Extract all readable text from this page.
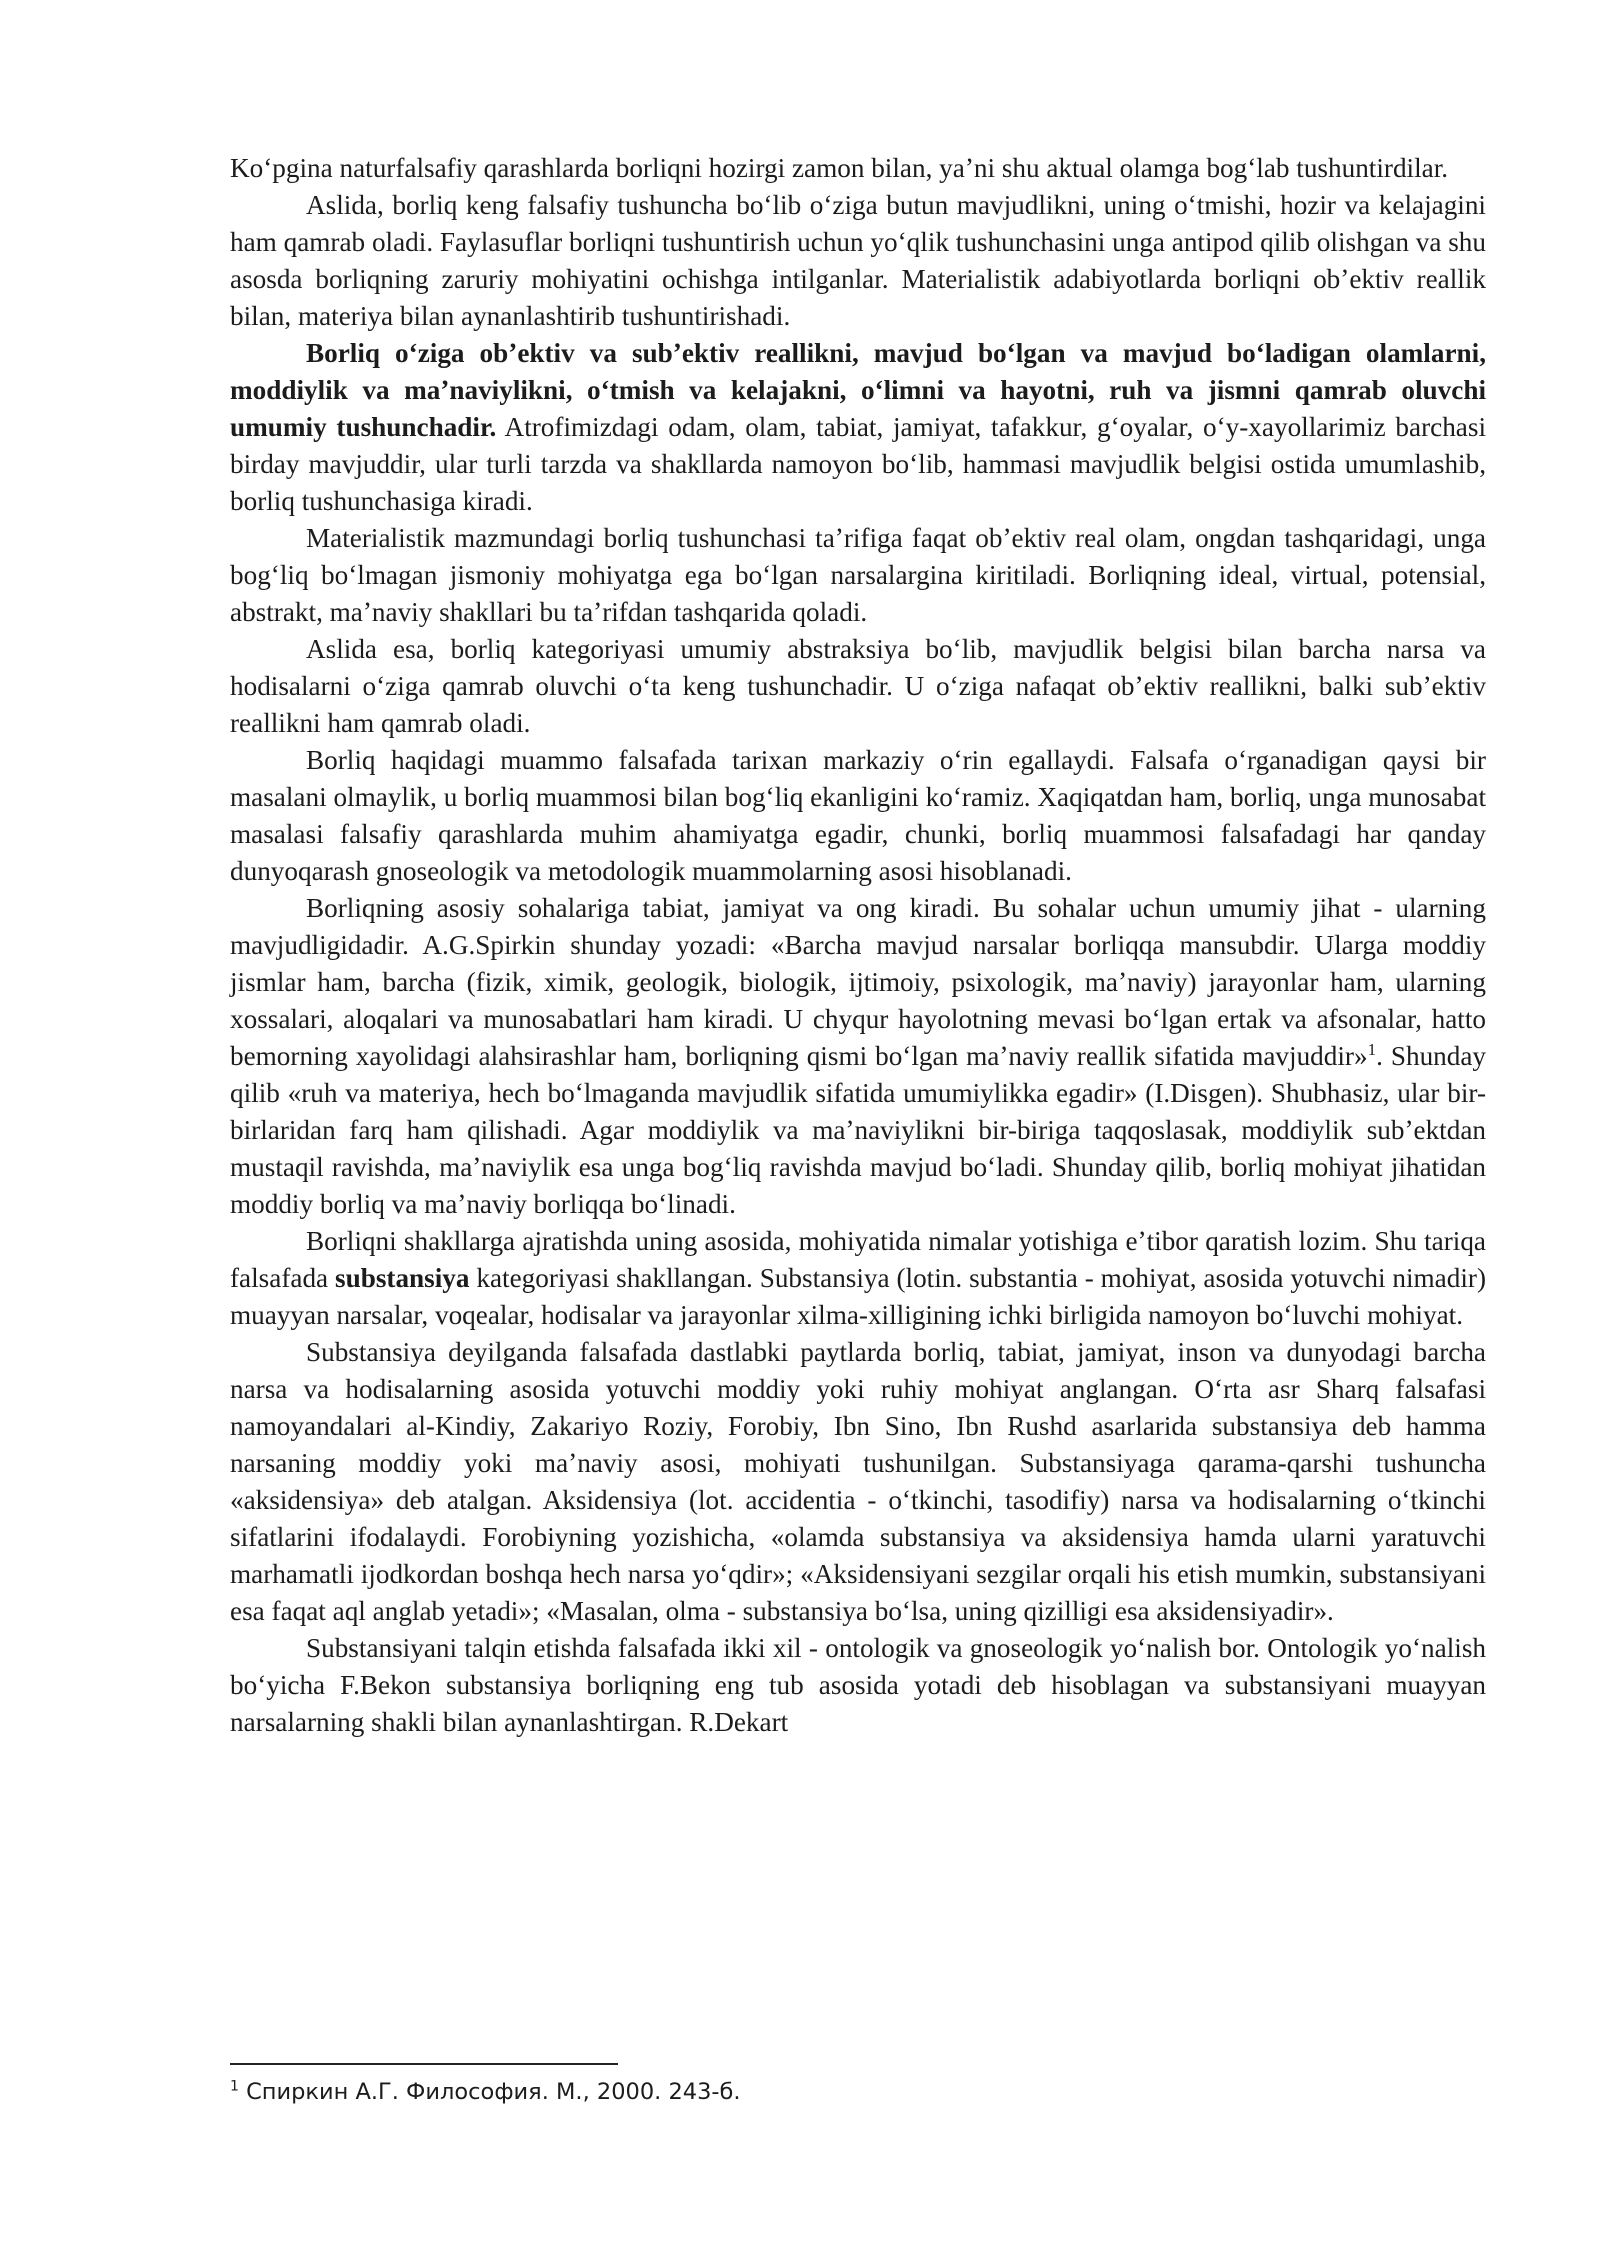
Koʻpgina naturfalsafiy qarashlarda borliqni hozirgi zamon bilan, yaʼni shu aktual olamga bogʻlab tushuntirdilar.

Aslida, borliq keng falsafiy tushuncha boʻlib oʻziga butun mavjudlikni, uning oʻtmishi, hozir va kelajagini ham qamrab oladi. Faylasuflar borliqni tushuntirish uchun yoʻqlik tushunchasini unga antipod qilib olishgan va shu asosda borliqning zaruriy mohiyatini ochishga intilganlar. Materialistik adabiyotlarda borliqni obʼektiv reallik bilan, materiya bilan aynanlashtirib tushuntirishadi.

Borliq oʻziga obʼektiv va subʼektiv reallikni, mavjud boʻlgan va mavjud boʻladigan olamlarni, moddiylik va maʼnaviylikni, oʻtmish va kelajakni, oʻlimni va hayotni, ruh va jismni qamrab oluvchi umumiy tushunchadir. Atrofimizdagi odam, olam, tabiat, jamiyat, tafakkur, gʻoyalar, oʻy-xayollarimiz barchasi birday mavjuddir, ular turli tarzda va shakllarda namoyon boʻlib, hammasi mavjudlik belgisi ostida umumlashib, borliq tushunchasiga kiradi.

Materialistik mazmundagi borliq tushunchasi taʼrifiga faqat obʼektiv real olam, ongdan tashqaridagi, unga bogʻliq boʻlmagan jismoniy mohiyatga ega boʻlgan narsalargina kiritiladi. Borliqning ideal, virtual, potensial, abstrakt, maʼnaviy shakllari bu taʼrifdan tashqarida qoladi.

Aslida esa, borliq kategoriyasi umumiy abstraksiya boʻlib, mavjudlik belgisi bilan barcha narsa va hodisalarni oʻziga qamrab oluvchi oʻta keng tushunchadir. U oʻziga nafaqat obʼektiv reallikni, balki subʼektiv reallikni ham qamrab oladi.

Borliq haqidagi muammo falsafada tarixan markaziy oʻrin egallaydi. Falsafa oʻrganadigan qaysi bir masalani olmaylik, u borliq muammosi bilan bogʻliq ekanligini koʻramiz. Xaqiqatdan ham, borliq, unga munosabat masalasi falsafiy qarashlarda muhim ahamiyatga egadir, chunki, borliq muammosi falsafadagi har qanday dunyoqarash gnoseologik va metodologik muammolarning asosi hisoblanadi.

Borliqning asosiy sohalariga tabiat, jamiyat va ong kiradi. Bu sohalar uchun umumiy jihat - ularning mavjudligidadir. A.G.Spirkin shunday yozadi: «Barcha mavjud narsalar borliqqa mansubdir. Ularga moddiy jismlar ham, barcha (fizik, ximik, geologik, biologik, ijtimoiy, psixologik, maʼnaviy) jarayonlar ham, ularning xossalari, aloqalari va munosabatlari ham kiradi. U chyqur hayolotning mevasi boʻlgan ertak va afsonalar, hatto bemorning xayolidagi alahsirashlar ham, borliqning qismi boʻlgan maʼnaviy reallik sifatida mavjuddir»$^1$. Shunday qilib «ruh va materiya, hech boʻlmaganda mavjudlik sifatida umumiylikka egadir» (I.Disgen). Shubhasiz, ular bir-birlaridan farq ham qilishadi. Agar moddiylik va maʼnaviylikni bir-biriga taqqoslasak, moddiylik subʼektdan mustaqil ravishda, maʼnaviylik esa unga bogʻliq ravishda mavjud boʻladi. Shunday qilib, borliq mohiyat jihatidan moddiy borliq va maʼnaviy borliqqa boʻlinadi.

Borliqni shakllarga ajratishda uning asosida, mohiyatida nimalar yotishiga eʼtibor qaratish lozim. Shu tariqa falsafada substansiya kategoriyasi shakllangan. Substansiya (lotin. substantia - mohiyat, asosida yotuvchi nimadir) muayyan narsalar, voqealar, hodisalar va jarayonlar xilma-xilligining ichki birligida namoyon boʻluvchi mohiyat.

Substansiya deyilganda falsafada dastlabki paytlarda borliq, tabiat, jamiyat, inson va dunyodagi barcha narsa va hodisalarning asosida yotuvchi moddiy yoki ruhiy mohiyat anglangan. Oʻrta asr Sharq falsafasi namoyandalari al-Kindiy, Zakariyo Roziy, Forobiy, Ibn Sino, Ibn Rushd asarlarida substansiya deb hamma narsaning moddiy yoki maʼnaviy asosi, mohiyati tushunilgan. Substansiyaga qarama-qarshi tushuncha «aksidensiya» deb atalgan. Aksidensiya (lot. accidentia - oʻtkinchi, tasodifiy) narsa va hodisalarning oʻtkinchi sifatlarini ifodalaydi. Forobiyning yozishicha, «olamda substansiya va aksidensiya hamda ularni yaratuvchi marhamatli ijodkordan boshqa hech narsa yoʻqdir»; «Aksidensiyani sezgilar orqali his etish mumkin, substansiyani esa faqat aql anglab yetadi»; «Masalan, olma - substansiya boʻlsa, uning qizilligi esa aksidensiyadir».

Substansiyani talqin etishda falsafada ikki xil - ontologik va gnoseologik yoʻnalish bor. Ontologik yoʻnalish boʻyicha F.Bekon substansiya borliqning eng tub asosida yotadi deb hisoblagan va substansiyani muayyan narsalarning shakli bilan aynanlashtirgan. R.Dekart

$^1$ Спиркин А.Г. Философия. М., 2000. 243-б.
